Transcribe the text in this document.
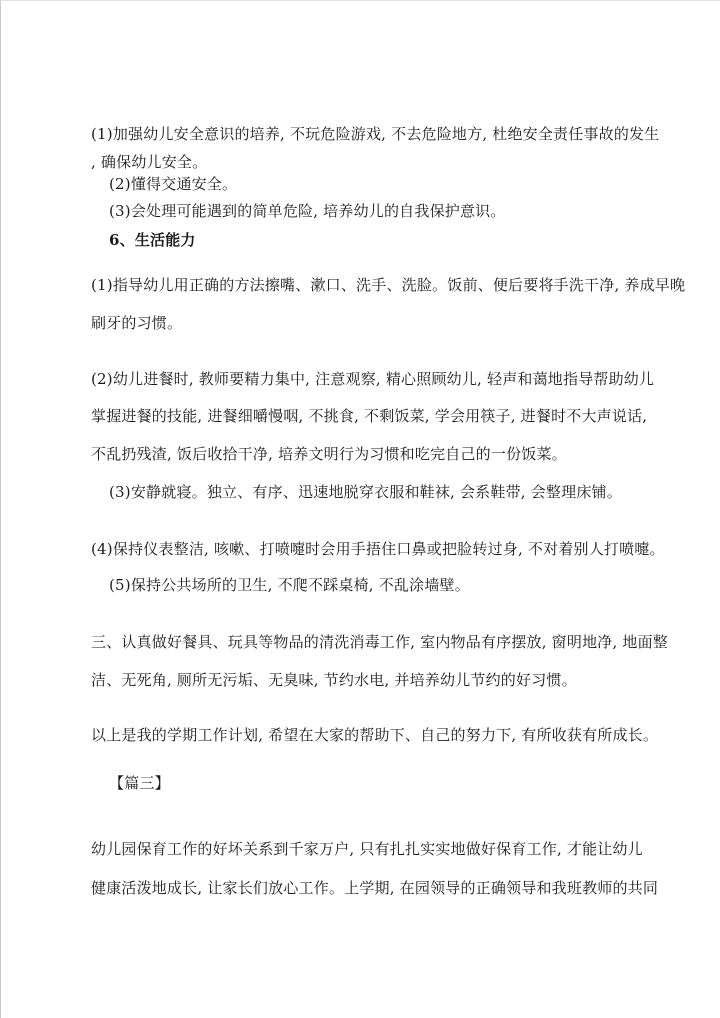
(1)加强幼儿安全意识的培养, 不玩危险游戏, 不去危险地方, 杜绝安全责任事故的发生
, 确保幼儿安全。
(2)懂得交通安全。
(3)会处理可能遇到的简单危险, 培养幼儿的自我保护意识。
6、生活能力
(1)指导幼儿用正确的方法擦嘴、漱口、洗手、洗脸。饭前、便后要将手洗干净, 养成早晚
刷牙的习惯。
(2)幼儿进餐时, 教师要精力集中, 注意观察, 精心照顾幼儿, 轻声和蔼地指导帮助幼儿
掌握进餐的技能, 进餐细嚼慢咽, 不挑食, 不剩饭菜, 学会用筷子, 进餐时不大声说话,
不乱扔残渣, 饭后收拾干净, 培养文明行为习惯和吃完自己的一份饭菜。
(3)安静就寝。独立、有序、迅速地脱穿衣服和鞋袜, 会系鞋带, 会整理床铺。
(4)保持仪表整洁, 咳嗽、打喷嚏时会用手捂住口鼻或把脸转过身, 不对着别人打喷嚏。
(5)保持公共场所的卫生, 不爬不踩桌椅, 不乱涂墙壁。
三、认真做好餐具、玩具等物品的清洗消毒工作, 室内物品有序摆放, 窗明地净, 地面整
洁、无死角, 厕所无污垢、无臭味, 节约水电, 并培养幼儿节约的好习惯。
以上是我的学期工作计划, 希望在大家的帮助下、自己的努力下, 有所收获有所成长。
【篇三】
幼儿园保育工作的好坏关系到千家万户, 只有扎扎实实地做好保育工作, 才能让幼儿
健康活泼地成长, 让家长们放心工作。上学期, 在园领导的正确领导和我班教师的共同
